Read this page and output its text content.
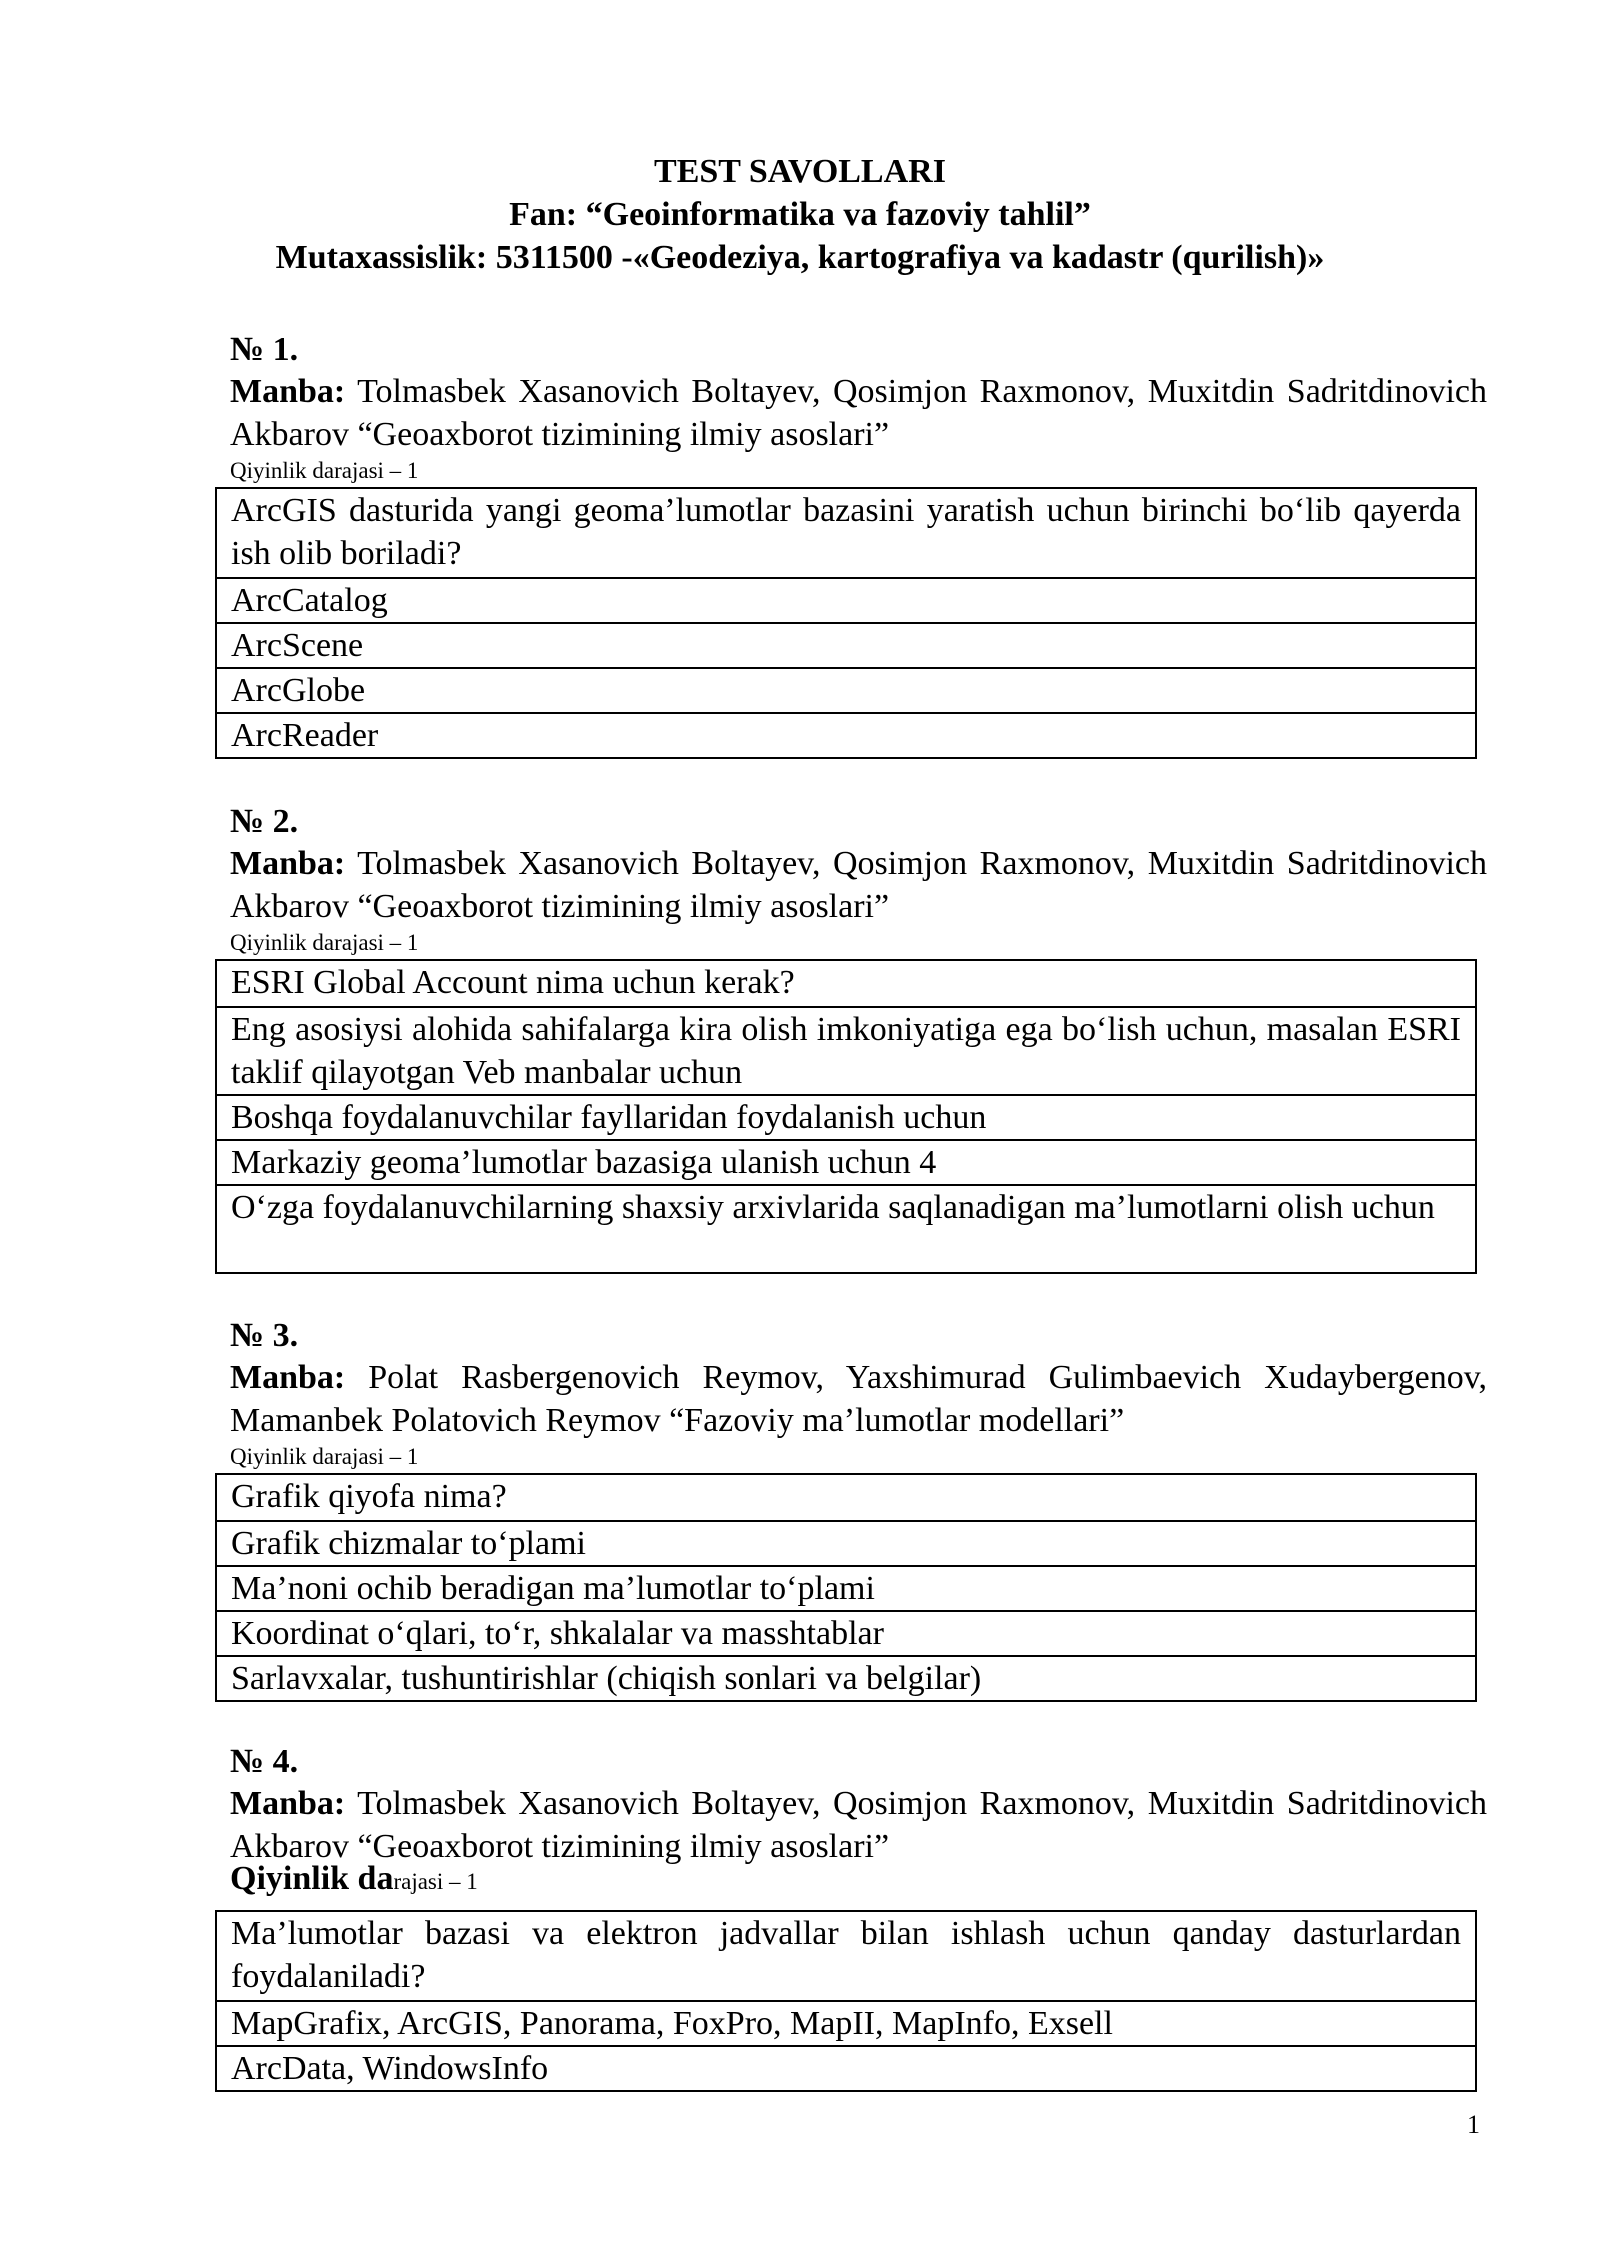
TEST SAVOLLARI
Fan: “Geoinformatika va fazoviy tahlil”
Mutaxassislik: 5311500 -«Geodeziya, kartografiya va kadastr (qurilish)»
№ 1.
Manba: Tolmasbek Xasanovich Boltayev, Qosimjon Raxmonov, Muxitdin Sadritdinovich Akbarov “Geoaxborot tizimining ilmiy asoslari”
Qiyinlik darajasi – 1
ArcGIS dasturida yangi geoma’lumotlar bazasini yaratish uchun birinchi bo‘lib qayerda ish olib boriladi?
ArcCatalog
ArcScene
ArcGlobe
ArcReader
№ 2.
Manba: Tolmasbek Xasanovich Boltayev, Qosimjon Raxmonov, Muxitdin Sadritdinovich Akbarov “Geoaxborot tizimining ilmiy asoslari”
Qiyinlik darajasi – 1
ESRI Global Account nima uchun kerak?
Eng asosiysi alohida sahifalarga kira olish imkoniyatiga ega bo‘lish uchun, masalan ESRI taklif qilayotgan Veb manbalar uchun
Boshqa foydalanuvchilar fayllaridan foydalanish uchun
Markaziy geoma’lumotlar bazasiga ulanish uchun 4
O‘zga foydalanuvchilarning shaxsiy arxivlarida saqlanadigan ma’lumotlarni olish uchun
№ 3.
Manba: Polat Rasbergenovich Reymov, Yaxshimurad Gulimbaevich Xudaybergenov, Mamanbek Polatovich Reymov “Fazoviy ma’lumotlar modellari”
Qiyinlik darajasi – 1
Grafik qiyofa nima?
Grafik chizmalar to‘plami
Ma’noni ochib beradigan ma’lumotlar to‘plami
Koordinat o‘qlari, to‘r, shkalalar va masshtablar
Sarlavxalar, tushuntirishlar (chiqish sonlari va belgilar)
№ 4.
Manba: Tolmasbek Xasanovich Boltayev, Qosimjon Raxmonov, Muxitdin Sadritdinovich Akbarov “Geoaxborot tizimining ilmiy asoslari”
Qiyinlik darajasi – 1
Ma’lumotlar bazasi va elektron jadvallar bilan ishlash uchun qanday dasturlardan foydalaniladi?
MapGrafix, ArcGIS, Panorama, FoxPro, MapII, MapInfo, Exsell
ArcData, WindowsInfo
1
